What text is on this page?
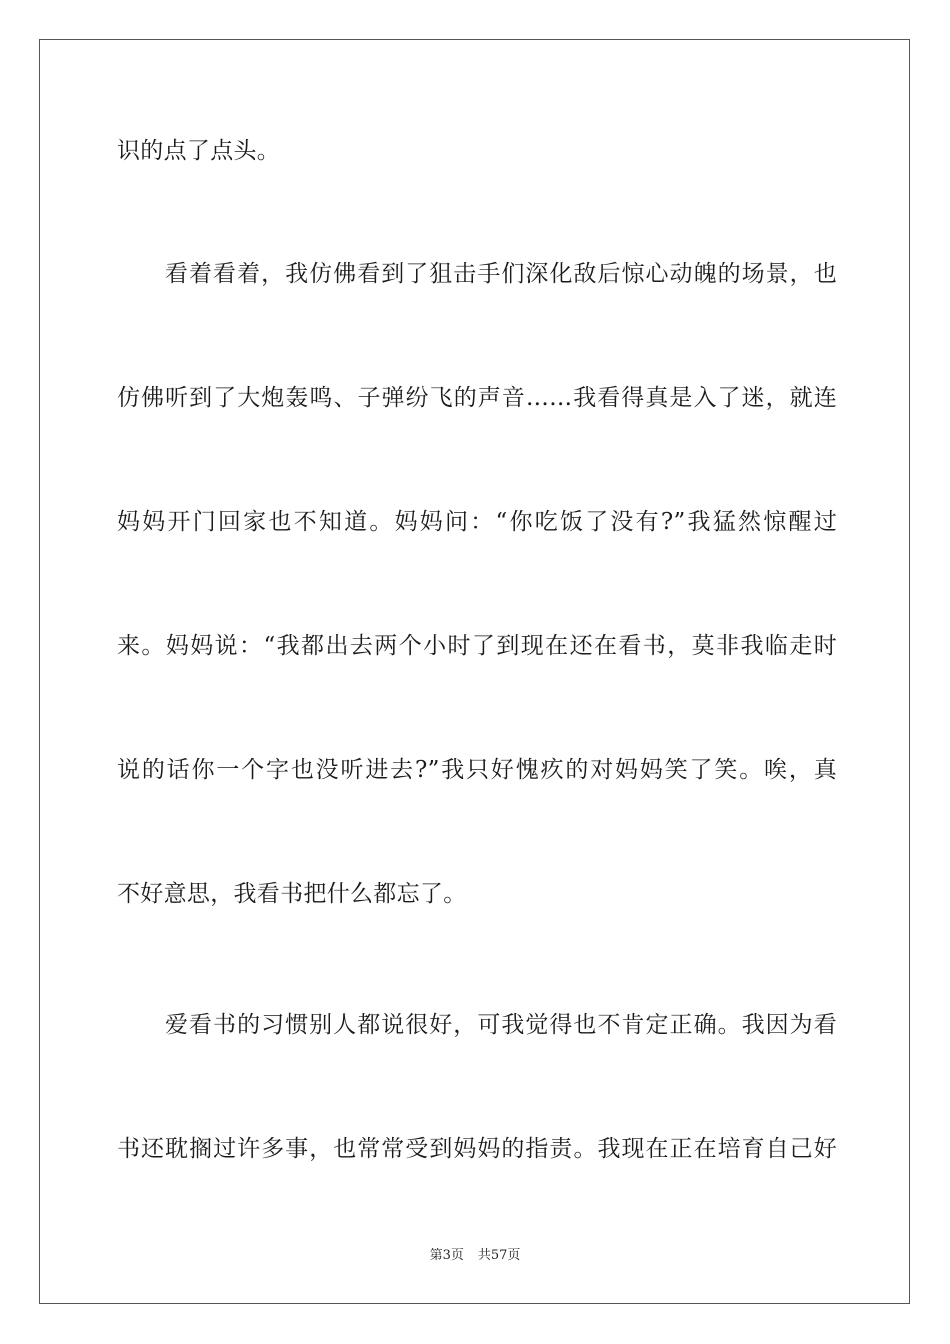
识的点了点头。
看着看着，我仿佛看到了狙击手们深化敌后惊心动魄的场景，也
仿佛听到了大炮轰鸣、子弹纷飞的声音……我看得真是入了迷，就连
妈妈开门回家也不知道。妈妈问：“你吃饭了没有?”我猛然惊醒过
来。妈妈说：“我都出去两个小时了到现在还在看书，莫非我临走时
说的话你一个字也没听进去?”我只好愧疚的对妈妈笑了笑。唉，真
不好意思，我看书把什么都忘了。
爱看书的习惯别人都说很好，可我觉得也不肯定正确。我因为看
书还耽搁过许多事，也常常受到妈妈的指责。我现在正在培育自己好
第3页 共57页
